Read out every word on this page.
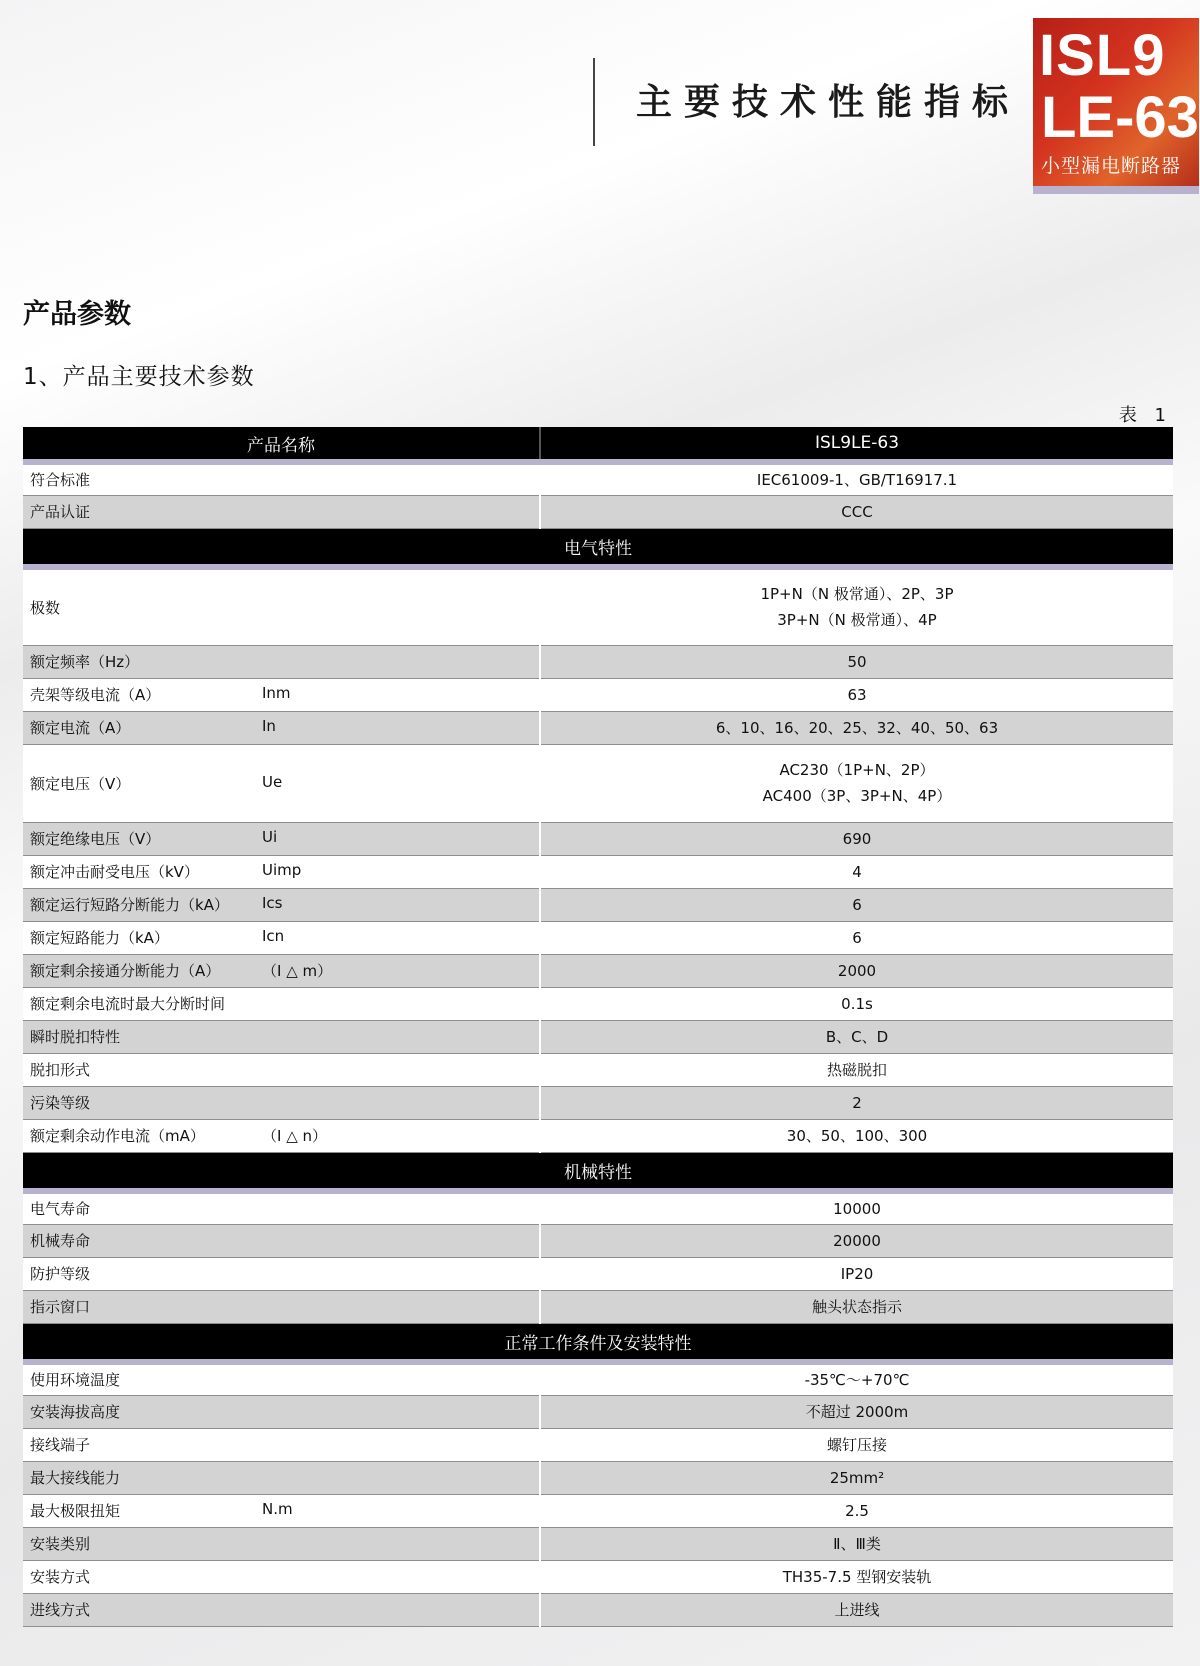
主要技术性能指标
ISL9
LE-63
小型漏电断路器
产品参数
1、产品主要技术参数
表 1
产品名称	ISL9LE-63
符合标准	IEC61009-1、GB/T16917.1
产品认证	CCC
电气特性	

极数	1P+N（N 极常通）、2P、3P
3P+N（N 极常通）、4P

额定频率（Hz）	50

壳架等级电流（A） Inm	63

额定电流（A） In	6、10、16、20、25、32、40、50、63

额定电压（V） Ue	AC230（1P+N、2P）
AC400（3P、3P+N、4P）

额定绝缘电压（V） Ui	690

额定冲击耐受电压（kV） Uimp	4

额定运行短路分断能力（kA） Ics	6

额定短路能力（kA） Icn	6

额定剩余接通分断能力（A） （I △ m）	2000

额定剩余电流时最大分断时间	0.1s

瞬时脱扣特性	B、C、D

脱扣形式	热磁脱扣

污染等级	2

额定剩余动作电流（mA） （I △ n）	30、50、100、300
机械特性	
电气寿命	10000
机械寿命	20000
防护等级	IP20
指示窗口	触头状态指示
正常工作条件及安装特性	

使用环境温度	-35℃～+70℃

安装海拔高度	不超过 2000m

接线端子	螺钉压接

最大接线能力	25mm²

最大极限扭矩 N.m	2.5

安装类别	Ⅱ、Ⅲ类

安装方式	TH35-7.5 型钢安装轨

进线方式	上进线
